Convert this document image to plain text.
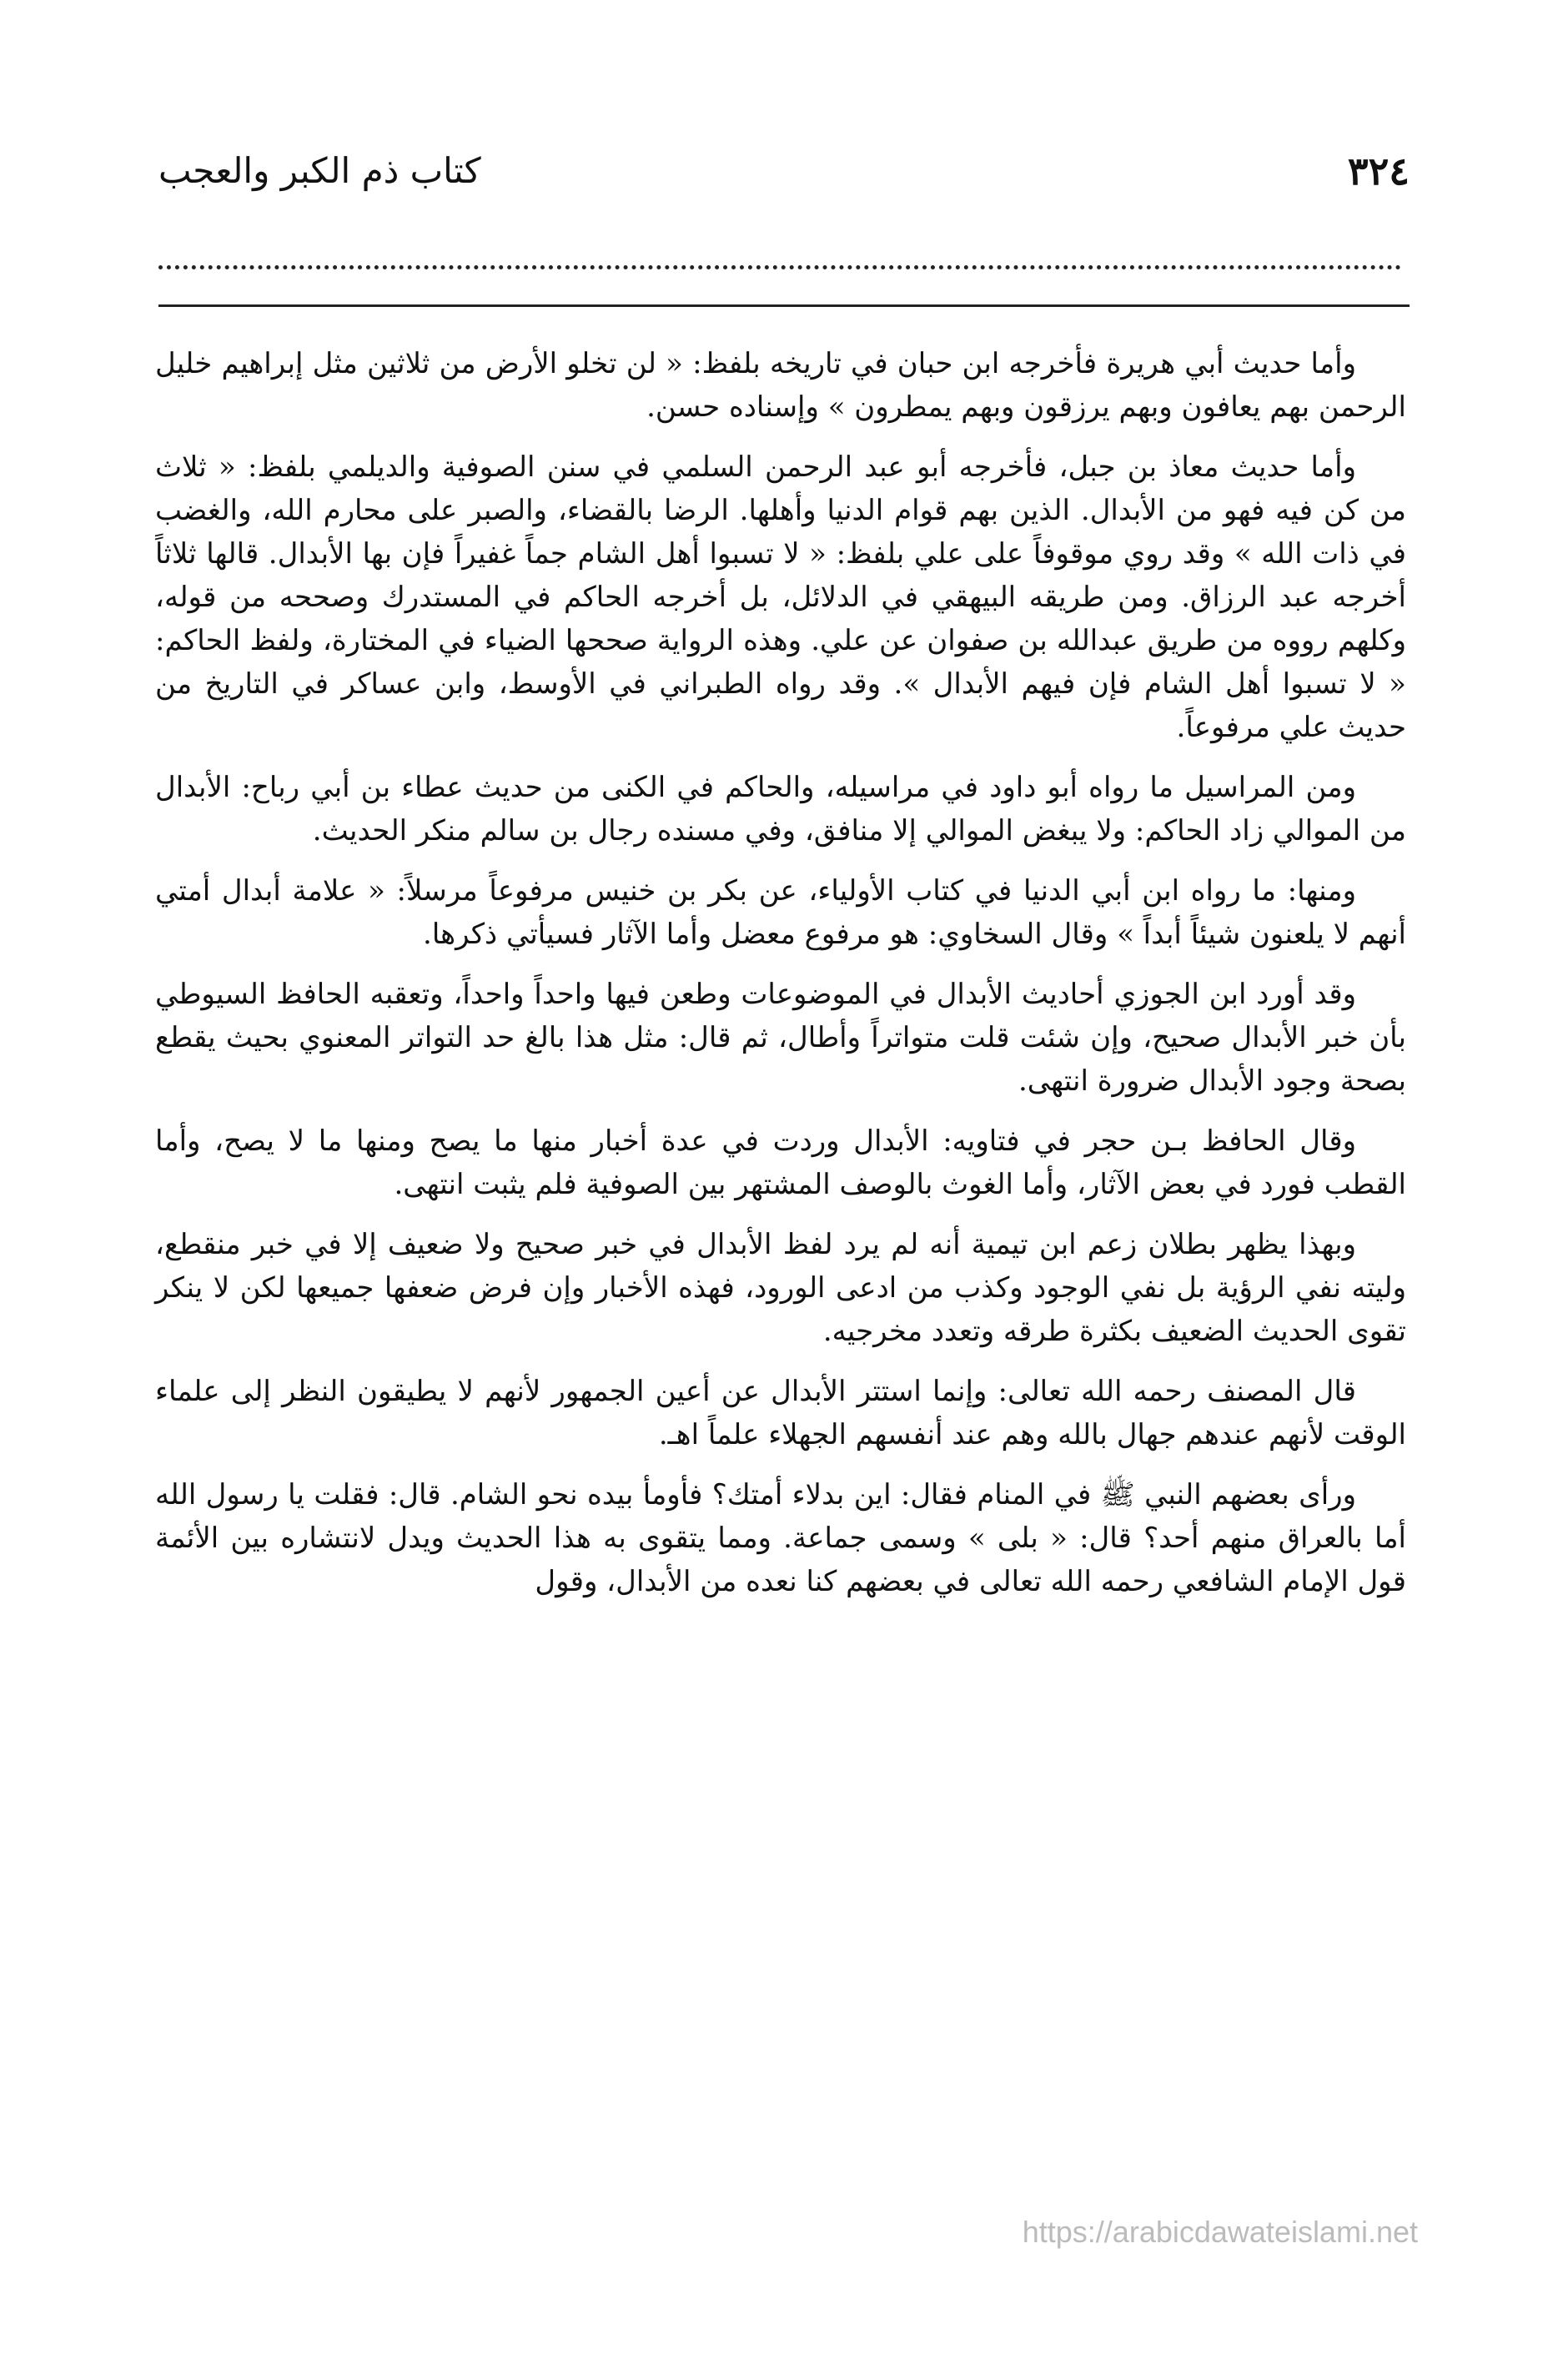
٣٢٤
كتاب ذم الكبر والعجب

وأما حديث أبي هريرة فأخرجه ابن حبان في تاريخه بلفظ: « لن تخلو الأرض من ثلاثين مثل إبراهيم خليل الرحمن بهم يعافون وبهم يرزقون وبهم يمطرون » وإسناده حسن.

وأما حديث معاذ بن جبل، فأخرجه أبو عبد الرحمن السلمي في سنن الصوفية والديلمي بلفظ: « ثلاث من كن فيه فهو من الأبدال. الذين بهم قوام الدنيا وأهلها. الرضا بالقضاء، والصبر على محارم الله، والغضب في ذات الله » وقد روي موقوفاً على علي بلفظ: « لا تسبوا أهل الشام جماً غفيراً فإن بها الأبدال. قالها ثلاثاً أخرجه عبد الرزاق. ومن طريقه البيهقي في الدلائل، بل أخرجه الحاكم في المستدرك وصححه من قوله، وكلهم رووه من طريق عبدالله بن صفوان عن علي. وهذه الرواية صححها الضياء في المختارة، ولفظ الحاكم: « لا تسبوا أهل الشام فإن فيهم الأبدال ». وقد رواه الطبراني في الأوسط، وابن عساكر في التاريخ من حديث علي مرفوعاً.

ومن المراسيل ما رواه أبو داود في مراسيله، والحاكم في الكنى من حديث عطاء بن أبي رباح: الأبدال من الموالي زاد الحاكم: ولا يبغض الموالي إلا منافق، وفي مسنده رجال بن سالم منكر الحديث.

ومنها: ما رواه ابن أبي الدنيا في كتاب الأولياء، عن بكر بن خنيس مرفوعاً مرسلاً: « علامة أبدال أمتي أنهم لا يلعنون شيئاً أبداً » وقال السخاوي: هو مرفوع معضل وأما الآثار فسيأتي ذكرها.

وقد أورد ابن الجوزي أحاديث الأبدال في الموضوعات وطعن فيها واحداً واحداً، وتعقبه الحافظ السيوطي بأن خبر الأبدال صحيح، وإن شئت قلت متواتراً وأطال، ثم قال: مثل هذا بالغ حد التواتر المعنوي بحيث يقطع بصحة وجود الأبدال ضرورة انتهى.

وقال الحافظ بـن حجر في فتاويه: الأبدال وردت في عدة أخبار منها ما يصح ومنها ما لا يصح، وأما القطب فورد في بعض الآثار، وأما الغوث بالوصف المشتهر بين الصوفية فلم يثبت انتهى.

وبهذا يظهر بطلان زعم ابن تيمية أنه لم يرد لفظ الأبدال في خبر صحيح ولا ضعيف إلا في خبر منقطع، وليته نفي الرؤية بل نفي الوجود وكذب من ادعى الورود، فهذه الأخبار وإن فرض ضعفها جميعها لكن لا ينكر تقوى الحديث الضعيف بكثرة طرقه وتعدد مخرجيه.

قال المصنف رحمه الله تعالى: وإنما استتر الأبدال عن أعين الجمهور لأنهم لا يطيقون النظر إلى علماء الوقت لأنهم عندهم جهال بالله وهم عند أنفسهم الجهلاء علماً اهـ.

ورأى بعضهم النبي ﷺ في المنام فقال: اين بدلاء أمتك؟ فأومأ بيده نحو الشام. قال: فقلت يا رسول الله أما بالعراق منهم أحد؟ قال: « بلى » وسمى جماعة. ومما يتقوى به هذا الحديث ويدل لانتشاره بين الأئمة قول الإمام الشافعي رحمه الله تعالى في بعضهم كنا نعده من الأبدال، وقول

https://arabicdawateislami.net
